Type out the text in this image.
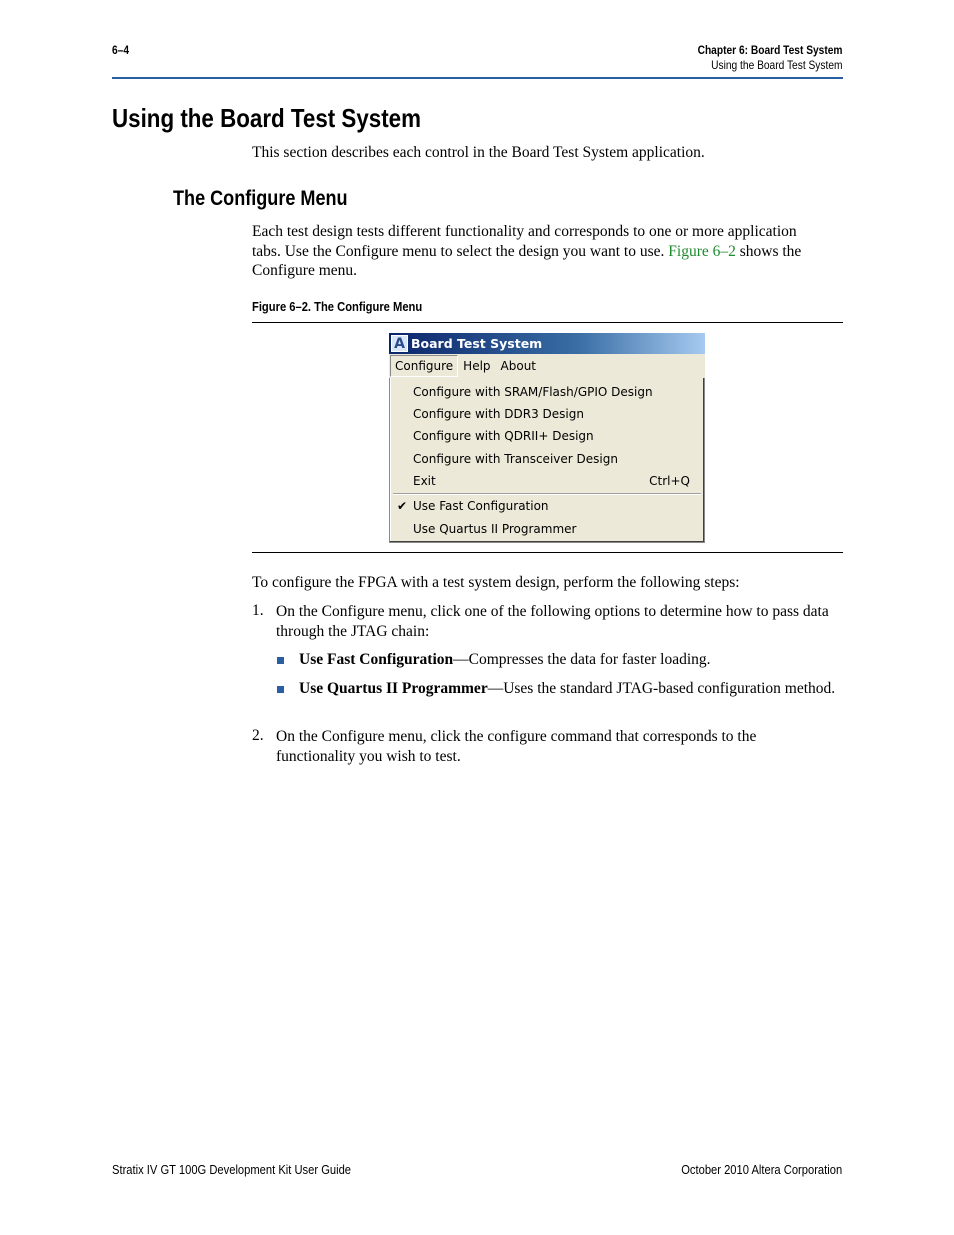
6–4	Chapter 6: Board Test System
Using the Board Test System
Using the Board Test System

This section describes each control in the Board Test System application.

The Configure Menu

Each test design tests different functionality and corresponds to one or more application tabs. Use the Configure menu to select the design you want to use. Figure 6–2 shows the Configure menu.

Figure 6–2. The Configure Menu
A Board Test System
Configure Help About
Configure with SRAM/Flash/GPIO Design
Configure with DDR3 Design
Configure with QDRII+ Design
Configure with Transceiver Design
Exit	Ctrl+Q
✔ Use Fast Configuration
Use Quartus II Programmer

To configure the FPGA with a test system design, perform the following steps:

1. On the Configure menu, click one of the following options to determine how to pass data through the JTAG chain:

Use Fast Configuration—Compresses the data for faster loading.

Use Quartus II Programmer—Uses the standard JTAG-based configuration method.

2. On the Configure menu, click the configure command that corresponds to the functionality you wish to test.

Stratix IV GT 100G Development Kit User Guide	October 2010 Altera Corporation
